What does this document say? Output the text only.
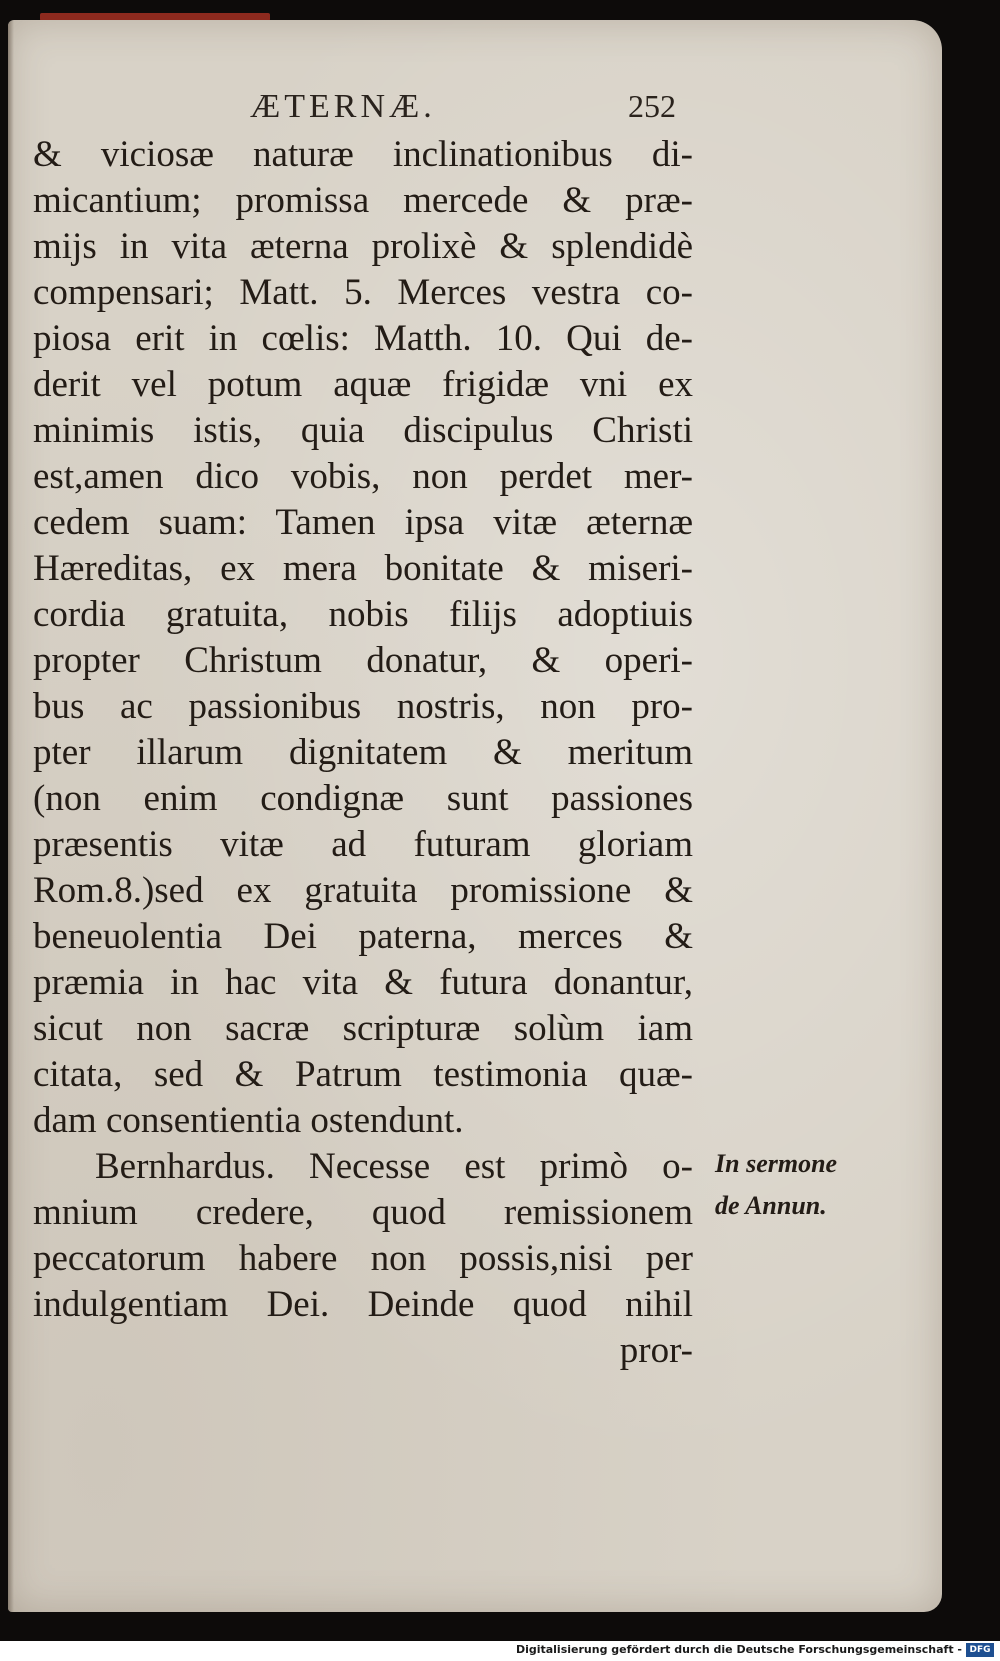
ÆTERNÆ.	252
& viciosæ naturæ inclinationibus di-
micantium; promissa mercede & præ-
mijs in vita æterna prolixè & splendidè
compensari; Matt. 5. Merces vestra co-
piosa erit in cœlis: Matth. 10. Qui de-
derit vel potum aquæ frigidæ vni ex
minimis istis, quia discipulus Christi
est,amen dico vobis, non perdet mer-
cedem suam: Tamen ipsa vitæ æternæ
Hæreditas, ex mera bonitate & miseri-
cordia gratuita, nobis filijs adoptiuis
propter Christum donatur, & operi-
bus ac passionibus nostris, non pro-
pter illarum dignitatem & meritum
(non enim condignæ sunt passiones
præsentis vitæ ad futuram gloriam
Rom.8.)sed ex gratuita promissione &
beneuolentia Dei paterna, merces &
præmia in hac vita & futura donantur,
sicut non sacræ scripturæ solùm iam
citata, sed & Patrum testimonia quæ-
dam consentientia ostendunt.
Bernhardus. Necesse est primò o-
mnium credere, quod remissionem
peccatorum habere non possis,nisi per
indulgentiam Dei. Deinde quod nihil
pror-
In sermone
de Annun.
Digitalisierung gefördert durch die Deutsche Forschungsgemeinschaft - DFG
